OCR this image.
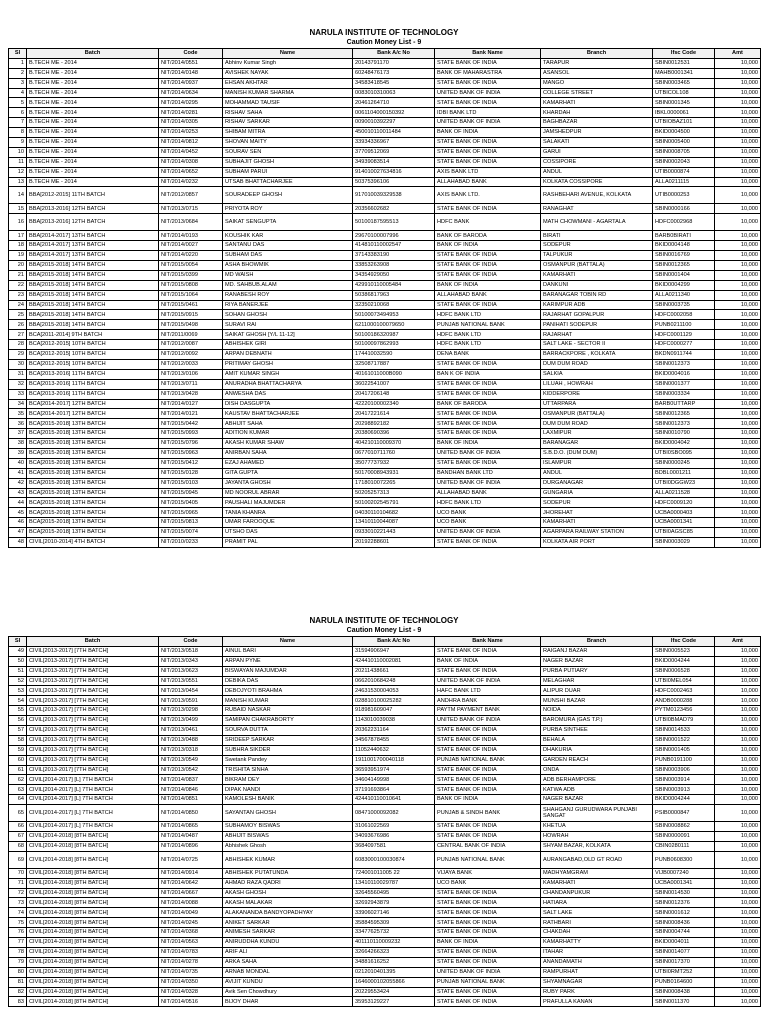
NARULA INSTITUTE OF TECHNOLOGY
Caution Money List - 9
Sl	Batch	Code	Name	Bank A/c No	Bank Name	Branch	Ifsc Code	Amt
1	B.TECH ME - 2014	NIT/2014/0551	Abhinv Kumar Singh	20143791170	STATE BANK OF INDIA	TARAPUR	SBIN0012531	10,000
2	B.TECH ME - 2014	NIT/2014/0148	AVISHEK NAYAK	60248476173	BANK OF MAHARASTRA	ASANSOL	MAHB0001341	10,000
3	B.TECH ME - 2014	NIT/2014/0937	EHSAN AKHTAR	34583418545	STATE BANK OF INDIA	MANGO	SBIN0003465	10,000
4	B.TECH ME - 2014	NIT/2014/0634	MANISH KUMAR SHARMA	0083010310063	UNITED BANK OF INDIA	COLLEGE STREET	UTBICOL108	10,000
5	B.TECH ME - 2014	NIT/2014/0295	MOHAMMAD TAUSIF	20461264710	STATE BANK OF INDIA	KAMARHATI	SBIN0001345	10,000
6	B.TECH ME - 2014	NIT/2014/0281	RISHAV SAHA	0061104000150392	IDBI BANK LTD	KHARDAH	IBKL0000061	10,000
7	B.TECH ME - 2014	NIT/2014/0305	RISHAV SARKAR	0090010392297	UNITED BANK OF INDIA	BAGHBAZAR	UTBIOBAZ101	10,000
8	B.TECH ME - 2014	NIT/2014/0253	SHIBAM MITRA	450010110011484	BANK OF INDIA	JAMSHEDPUR	BKID0004500	10,000
9	B.TECH ME - 2014	NIT/2014/0812	SHOVAN MAITY	33934336967	STATE BANK OF INDIA	SALAKATI	SBIN0005400	10,000
10	B.TECH ME - 2014	NIT/2014/0452	SOURAV SEN	37709512069	STATE BANK OF INDIA	GARUI	SBIN0008705	10,000
11	B.TECH ME - 2014	NIT/2014/0308	SUBHAJIT GHOSH	34939083514	STATE BANK OF INDIA	COSSIPORE	SBIN0002043	10,000
12	B.TECH ME - 2014	NIT/2014/0652	SUBHAM PARUI	914010027634816	AXIS BANK LTD	ANDUL	UTIB0000874	10,000
13	B.TECH ME - 2014	NIT/2014/0232	UTSAB BHATTACHARJEE	50375396106	ALLAHABAD BANK	KOLKATA COSSIPORE	ALLA0211115	10,000
14	BBA[2012-2015] 11TH BATCH	NIT/2012/0857	SOURADEEP GHOSH	917010039329538	AXIS BANK LTD.	RASHBEHARI AVENUE, KOLKATA	UTIB0000253	10,000
15	BBA[2013-2016] 12TH BATCH	NIT/2013/0715	PRIYOTA ROY	20356602682	STATE BANK OF INDIA	RANAGHAT	SBIN0000166	10,000
16	BBA[2013-2016] 12TH BATCH	NIT/2013/0684	SAIKAT SENGUPTA	50100187595513	HDFC BANK	MATH CHOWMANI - AGARTALA	HDFC0002968	10,000
17	BBA[2014-2017] 13TH BATCH	NIT/2014/0193	KOUSHIK KAR	29670100007996	BANK OF BARODA	BIRATI	BARB0BIRATI	10,000
18	BBA[2014-2017] 13TH BATCH	NIT/2014/0027	SANTANU DAS	414810110002547	BANK OF INDIA	SODEPUR	BKID0004148	10,000
19	BBA[2014-2017] 13TH BATCH	NIT/2014/0220	SUBHAM DAS	37143383190	STATE BANK OF INDIA	TALPUKUR	SBIN0016769	10,000
20	BBA[2015-2018] 14TH BATCH	NIT/2015/0054	ASHA BHOWMIK	33853263908	STATE BANK OF INDIA	OSMANPUR (BATTALA)	SBIN0012365	10,000
21	BBA[2015-2018] 14TH BATCH	NIT/2015/0399	MD WAISH	34354929050	STATE BANK OF INDIA	KAMARHATI	SBIN0001404	10,000
22	BBA[2015-2018] 14TH BATCH	NIT/2015/0808	MD. SAHBUB.ALAM	429910110005484	BANK OF INDIA	DANKUNI	BKID0004299	10,000
23	BBA[2015-2018] 14TH BATCH	NIT/2015/1064	RANABESH ROY	50386817963	ALLAHABAD BANK	BARANAGAR TOBIN RD	ALLA0211340	10,000
24	BBA[2015-2018] 14TH BATCH	NIT/2015/0461	RIYA BANERJEE	32350210068	STATE BANK OF INDIA	KARIMPUR ADB	SBIN0003735	10,000
25	BBA[2015-2018] 14TH BATCH	NIT/2015/0915	SOHAN GHOSH	50100073494953	HDFC BANK LTD	RAJARHAT GOPALPUR	HDFC0002058	10,000
26	BBA[2015-2018] 14TH BATCH	NIT/2015/0498	SURAVI RAI	6211000100079650	PUNJAB NATIONAL BANK	PANIHATI SODEPUR	PUNB0211100	10,000
27	BCA[2011-2014] 9TH BATCH	NIT/2011/0069	SAIKAT GHOSH [Y/L 11-12]	50100186320987	HDFC BANK LTD	RAJARHAT	HDFC0001129	10,000
28	BCA[2012-2015] 10TH BATCH	NIT/2012/0087	ABHISHEK GIRI	50100097862993	HDFC BANK LTD	SALT LAKE - SECTOR II	HDFC0000277	10,000
29	BCA[2012-2015] 10TH BATCH	NIT/2012/0092	ARPAN DEBNATH	174410032590	DENA BANK	BARRACKPORE , KOLKATA	BKDN0911744	10,000
30	BCA[2012-2015] 10TH BATCH	NIT/2012/0033	PRITIMAY GHOSH	32508717887	STATE BANK OF INDIA	DUM DUM ROAD	SBIN0012373	10,000
31	BCA[2013-2016] 11TH BATCH	NIT/2013/0106	AMIT KUMAR SINGH	40161011000B090	BAN K OF INDIA	SALKIA	BKID0004016	10,000
32	BCA[2013-2016] 11TH BATCH	NIT/2013/0711	ANURADHA BHATTACHARYA	36022541007	STATE BANK OF INDIA	LILUAH , HOWRAH	SBIN0001377	10,000
33	BCA[2013-2016] 11TH BATCH	NIT/2013/0428	ANWESHA DAS	20417206148	STATE BANK OF INDIA	KIDDERPORE	SBIN0003334	10,000
34	BCA[2014-2017] 12TH BATCH	NIT/2014/0127	DISH DASGUPTA	42220100002340	BANK OF BARODA	UTTARPARA	BARB0UTTARP	10,000
35	BCA[2014-2017] 12TH BATCH	NIT/2014/0121	KAUSTAV BHATTACHARJEE	20417221614	STATE BANK OF INDIA	OSMANPUR (BATTALA)	SBIN0012365	10,000
36	BCA[2015-2018] 13TH BATCH	NIT/2015/0442	ABHIJIT SAHA	20298892182	STATE BANK OF INDIA	DUM DUM ROAD	SBIN0012373	10,000
37	BCA[2015-2018] 13TH BATCH	NIT/2015/0993	ADITION KUMAR	20380690396	STATE BANK OF INDIA	LAXMIPUR	SBIN0010790	10,000
38	BCA[2015-2018] 13TH BATCH	NIT/2015/0796	AKASH KUMAR SHAW	404210110009370	BANK OF INDIA	BARANAGAR	BKID0004042	10,000
39	BCA[2015-2018] 13TH BATCH	NIT/2015/0963	ANIRBAN SAHA	0677010711760	UNITED BANK OF INDIA	S.B.D.O. (DUM DUM)	UTBI0SBO095	10,000
40	BCA[2015-2018] 13TH BATCH	NIT/2015/0412	EZAJ AHAMED	35077737932	STATE BANK OF INDIA	ISLAMPUR	SBIN0000245	10,000
41	BCA[2015-2018] 13TH BATCH	NIT/2015/0128	GITA GUPTA	50170008943931	BANDHAN BANK LTD	ANDUL	BDBL0001211	10,000
42	BCA[2015-2018] 13TH BATCH	NIT/2015/0103	JAYANTA GHOSH	1718010072265	UNITED BANK OF INDIA	DURGANAGAR	UTBI0DGGW23	10,000
43	BCA[2015-2018] 13TH BATCH	NIT/2015/0945	MD NOORUL ABRAR	50205257313	ALLAHABAD BANK	GUNGARIA	ALLA0211528	10,000
44	BCA[2015-2018] 13TH BATCH	NIT/2015/0405	PAUSHALI MAJUMDER	50100202545791	HDFC BANK LTD	SODEPUR	HDFC0009120	10,000
45	BCA[2015-2018] 13TH BATCH	NIT/2015/0965	TANIA KHANRA	04030110104682	UCO BANK	JHOREHAT	UCBA0000403	10,000
46	BCA[2015-2018] 13TH BATCH	NIT/2015/0813	UMAR FAROOQUE	13410110044087	UCO BANK	KAMARHATI	UCBA0001341	10,000
47	BCA[2015-2018] 13TH BATCH	NIT/2015/0074	UTSHO DAS	0933010221443	UNITED BANK OF INDIA	AGARPARA RAILWAY STATION	UTBI0AGSC85	10,000
48	CIVIL[2010-2014] 4TH BATCH	NIT/2010/0233	PRAMIT PAL	20192288601	STATE BANK OF INDIA	KOLKATA AIR PORT	SBIN0003029	10,000
NARULA INSTITUTE OF TECHNOLOGY
Caution Money List - 9
SI	Batch	Code	Name	Bank A/c No	Bank Name	Branch	Ifsc Code	Amt
49	CIVIL[2013-2017] [7TH BATCH]	NIT/2013/0518	AINUL BARI	31594906947	STATE BANK OF INDIA	RAIGANJ BAZAR	SBIN0005523	10,000
50	CIVIL[2013-2017] [7TH BATCH]	NIT/2013/0343	ARPAN PYNE	424410110002081	BANK OF INDIA	NAGER BAZAR	BKID0004244	10,000
51	CIVIL[2013-2017] [7TH BATCH]	NIT/2013/0623	BISWAYAN MAJUMDAR	20211438661	STATE BANK OF INDIA	PURBA PUTIARY	SBIN0006528	10,000
52	CIVIL[2013-2017] [7TH BATCH]	NIT/2013/0551	DEBIKA DAS	0662010684248	UNITED BANK OF INDIA	MELAGHAR	UTBI0MEL054	10,000
53	CIVIL[2013-2017] [7TH BATCH]	NIT/2013/0454	DEBOJYOTI BRAHMA	24631530004053	HAFC BANK LTD	ALIPUR DUAR	HDFC0002463	10,000
54	CIVIL[2013-2017] [7TH BATCH]	NIT/2013/0591	MANISH KUMAR	028810100025282	ANDHRA BANK	MUNSHI BAZAR	ANDB0000288	10,000
55	CIVIL[2013-2017] [7TH BATCH]	NIT/2013/0298	RUBAID NASKAR	918981609047	PAYTM PAYMENT BANK	NOIDA	PYTM0123456	10,000
56	CIVIL[2013-2017] [7TH BATCH]	NIT/2013/0499	SAMIPAN CHAKRABORTY	1143010039038	UNITED BANK OF INDIA	BAROMURA (GAS T.P.)	UTBI0BMAD79	10,000
57	CIVIL[2013-2017] [7TH BATCH]	NIT/2013/0461	SOURVA DUTTA	20362231164	STATE BANK OF INDIA	PURBA SINTHEE	SBIN0014533	10,000
58	CIVIL[2013-2017] [7TH BATCH]	NIT/2013/0488	SRIDEEP SARKAR	34567878455	STATE BANK OF INDIA	BEHALA	SBIN0001522	10,000
59	CIVIL[2013-2017] [7TH BATCH]	NIT/2013/0318	SUBHRA SIKDER	11052440632	STATE BANK OF INDIA	DHAKURIA	SBIN0001405	10,000
60	CIVIL[2013-2017] [7TH BATCH]	NIT/2013/0549	Swetank Pandey	1911001700040118	PUNJAB NATIONAL BANK	GARDEN REACH	PUNB0191100	10,000
61	CIVIL[2013-2017] [7TH BATCH]	NIT/2013/0542	TRISHITA SINHA	36593951974	STATE BANK OF INDIA	ONDA	SBIN0003906	10,000
62	CIVIL[2014-2017] [L] 7TH BATCH	NIT/2014/0837	BIKRAM DEY	34604149998	STATE BANK OF INDIA	ADB BERHAMPORE	SBIN0003914	10,000
63	CIVIL[2014-2017] [L] 7TH BATCH	NIT/2014/0846	DIPAK NANDI	37191693864	STATE BANK OF INDIA	KATWA ADB	SBIN0003913	10,000
64	CIVIL[2014-2017] [L] 7TH BATCH	NIT/2014/0851	KAMOLESH BANIK	424410110010641	BANK OF INDIA	NAGER BAZAR	BKID0004244	10,000
65	CIVIL[2014-2017] [L] 7TH BATCH	NIT/2014/0850	SAYANTAN GHOSH	08471000092082	PUNJAB & SINDH BANK	SHAHGANJ GURUDWARA PUNJABI SANGAT	PSIB0000847	10,000
66	CIVIL[2014-2017] [L] 7TH BATCH	NIT/2014/0865	SUBHAMOY BISWAS	31061022569	STATE BANK OF INDIA	KHETUA	SBIN0008862	10,000
67	CIVIL[2014-2018] [8TH BATCH]	NIT/2014/0487	ABHIJIT BISWAS	34093676986	STATE BANK OF INDIA	HOWRAH	SBIN0000091	10,000
68	CIVIL[2014-2018] [8TH BATCH]	NIT/2014/0896	Abhishek Ghosh	3684097581	CENTRAL BANK OF INDIA	SHYAM BAZAR, KOLKATA	CBIN0280111	10,000
69	CIVIL[2014-2018] [8TH BATCH]	NIT/2014/0725	ABHISHEK KUMAR	6083000100030874	PUNJAB NATIONAL BANK	AURANGABAD,OLD GT ROAD	PUNB0608300	10,000
70	CIVIL[2014-2018] [8TH BATCH]	NIT/2014/0914	ABHISHEK PUTATUNDA	724001011005 22	VIJAYA BANK	MADHYAMGRAM	VIJB0007240	10,000
71	CIVIL[2014-2018] [8TH BATCH]	NIT/2014/0642	AHMAD RAZA QADRI	13410110029787	UCO BANK	KAMARHATI	UCBA0001341	10,000
72	CIVIL[2014-2018] [8TH BATCH]	NIT/2014/0667	AKASH GHOSH	32645560495	STATE BANK OF INDIA	CHANDANPUKUR	SBIN0014530	10,000
73	CIVIL[2014-2018] [8TH BATCH]	NIT/2014/0088	AKASH MALAKAR	32692943879	STATE BANK OF INDIA	HATIARA	SBIN0012376	10,000
74	CIVIL[2014-2018] [8TH BATCH]	NIT/2014/0049	ALAKANANDA BANDYOPADHYAY	33906027146	STATE BANK OF INDIA	SALT LAKE	SBIN0001612	10,000
75	CIVIL[2014-2018] [8TH BATCH]	NIT/2014/0245	ANIKET SARKAR	35884595309	STATE BANK OF INDIA	RATHBARI	SBIN0008436	10,000
76	CIVIL[2014-2018] [8TH BATCH]	NIT/2014/0368	ANIMESH SARKAR	33477625732	STATE BANK OF INDIA	CHAKDAH	SBIN0004744	10,000
77	CIVIL[2014-2018] [8TH BATCH]	NIT/2014/0563	ANIRUDDHA KUNDU	401110110009232	BANK OF INDIA	KAMARHATTY	BKID0004011	10,000
78	CIVIL[2014-2018] [8TH BATCH]	NIT/2014/0783	ARIF ALI	32664266323	STATE BANK OF INDIA	ITAHAR	SBIN0014077	10,000
79	CIVIL[2014-2018] [8TH BATCH]	NIT/2014/0278	ARKA SAHA	34881616252	STATE BANK OF INDIA	ANANDAMATH	SBIN0017370	10,000
80	CIVIL[2014-2018] [8TH BATCH]	NIT/2014/0735	ARNAB MONDAL	0212010401395	UNITED BANK OF INDIA	RAMPURHAT	UTBI0RMT252	10,000
81	CIVIL[2014-2018] [8TH BATCH]	NIT/2014/0350	AVIJIT KUNDU	1646000102055866	PUNJAB NATIONAL BANK	SHYAMNAGAR	PUNB0164600	10,000
82	CIVIL[2014-2018] [8TH BATCH]	NIT/2014/0328	Avik Sen Chowdhury	20229553424	STATE BANK OF INDIA	RUBY PARK	SBIN0008438	10,000
83	CIVIL[2014-2018] [8TH BATCH]	NIT/2014/0516	BIJOY DHAR	35953129227	STATE BANK OF INDIA	PRAFULLA KANAN	SBIN0011370	10,000
